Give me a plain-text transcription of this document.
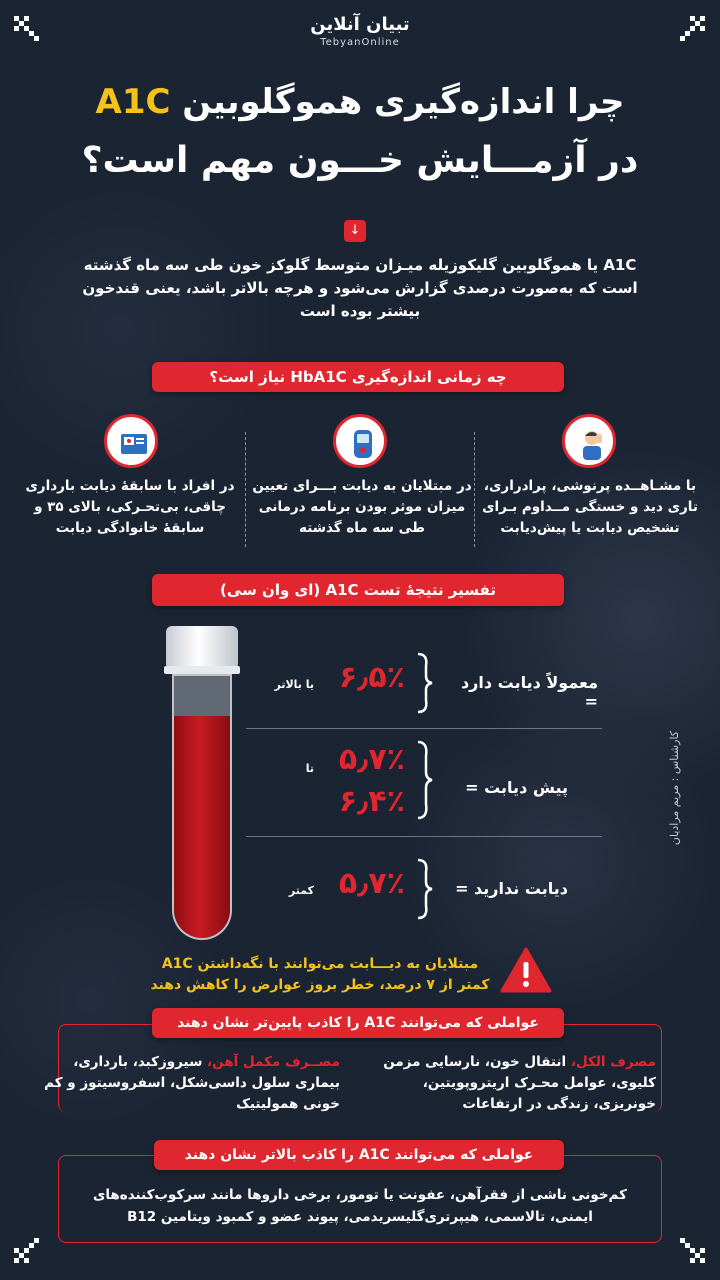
تبیان آنلاین
TebyanOnline
چرا اندازه‌گیری هموگلوبین A1C
در آزمـــایش خـــون مهم است؟
↓
A1C یا هموگلوبین گلیکوزیله میـزان متوسط گلوکز خون طی سه ماه گذشته است که به‌صورت درصدی گزارش می‌شود و هرچه بالاتر باشد، یعنی قندخون بیشتر بوده است
چه زمانی اندازه‌گیری HbA1C نیاز است؟
با مشـاهــده پرنوشی، پرادراری، تاری دید و خستگی مــداوم بـرای تشخیص دیابت یا پیش‌دیابت
در مبتلایان به دیابت بـــرای تعیین میزان موثر بودن برنامه درمانی طی سه ماه گذشته
در افراد با سابقهٔ دیابت بارداری چاقی، بی‌تحـرکی، بالای ۳۵ و سابقهٔ خانوادگی دیابت
تفسیر نتیجهٔ تست A1C (ای وان سی)
معمولاً دیابت دارد =
۶٫۵٪
یا بالاتر
پیش دیابت =
۵٫۷٪
تا
۶٫۴٪
دیابت ندارید =
۵٫۷٪
کمتر
کارشناس : مریم مرادیان
مبتلایان به دیـــابت می‌توانند با نگه‌داشتن A1C کمتر از ۷ درصد، خطر بروز عوارض را کاهش دهند
عواملی که می‌توانند A1C را کاذب پایین‌تر نشان دهند
مصرف الکل، انتقال خون، نارسایی مزمن کلیوی، عوامل محـرک اریتروپویتین، خونریزی، زندگی در ارتفاعات
مصــرف مکمل آهن، سیروزکبد، بارداری، بیماری سلول داسی‌شکل، اسفروسیتوز و کم خونی همولیتیک
عواملی که می‌توانند A1C را کاذب بالاتر نشان دهند
کم‌خونی ناشی از فقرآهن، عفونت یا تومور، برخی داروها مانند سرکوب‌کننده‌های ایمنی، تالاسمی، هیپرتری‌گلیسریدمی، پیوند عضو و کمبود ویتامین B12
